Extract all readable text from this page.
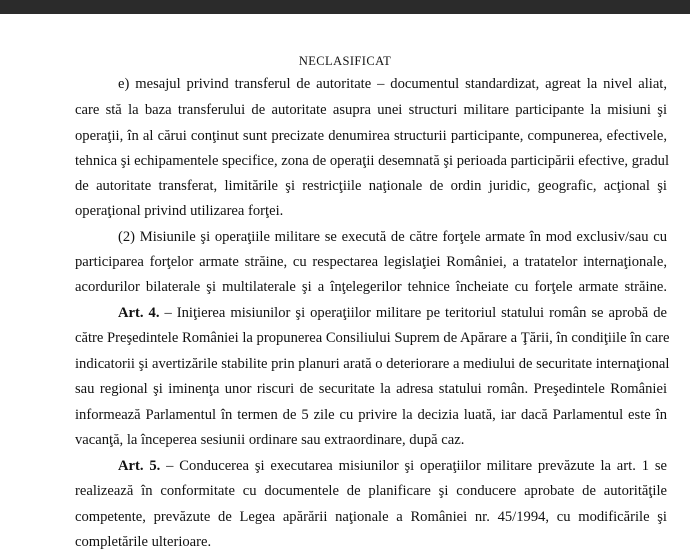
NECLASIFICAT
e) mesajul privind transferul de autoritate – documentul standardizat, agreat la nivel aliat,
care stă la baza transferului de autoritate asupra unei structuri militare participante la misiuni şi
operaţii, în al cărui conţinut sunt precizate denumirea structurii participante, compunerea, efectivele,
tehnica şi echipamentele specifice, zona de operaţii desemnată şi perioada participării efective, gradul
de autoritate transferat, limitările şi restricţiile naţionale de ordin juridic, geografic, acţional şi
operaţional privind utilizarea forţei.
(2) Misiunile şi operaţiile militare se execută de către forţele armate în mod exclusiv/sau cu
participarea forţelor armate străine, cu respectarea legislaţiei României, a tratatelor internaţionale,
acordurilor bilaterale şi multilaterale şi a înţelegerilor tehnice încheiate cu forţele armate străine.
Art. 4. – Iniţierea misiunilor şi operaţiilor militare pe teritoriul statului român se aprobă de
către Preşedintele României la propunerea Consiliului Suprem de Apărare a Ţării, în condiţiile în care
indicatorii şi avertizările stabilite prin planuri arată o deteriorare a mediului de securitate internaţional
sau regional şi iminenţa unor riscuri de securitate la adresa statului român. Preşedintele României
informează Parlamentul în termen de 5 zile cu privire la decizia luată, iar dacă Parlamentul este în
vacanţă, la începerea sesiunii ordinare sau extraordinare, după caz.
Art. 5. – Conducerea şi executarea misiunilor şi operaţiilor militare prevăzute la art. 1 se
realizează în conformitate cu documentele de planificare şi conducere aprobate de autorităţile
competente, prevăzute de Legea apărării naţionale a României nr. 45/1994, cu modificările şi
completările ulterioare.
